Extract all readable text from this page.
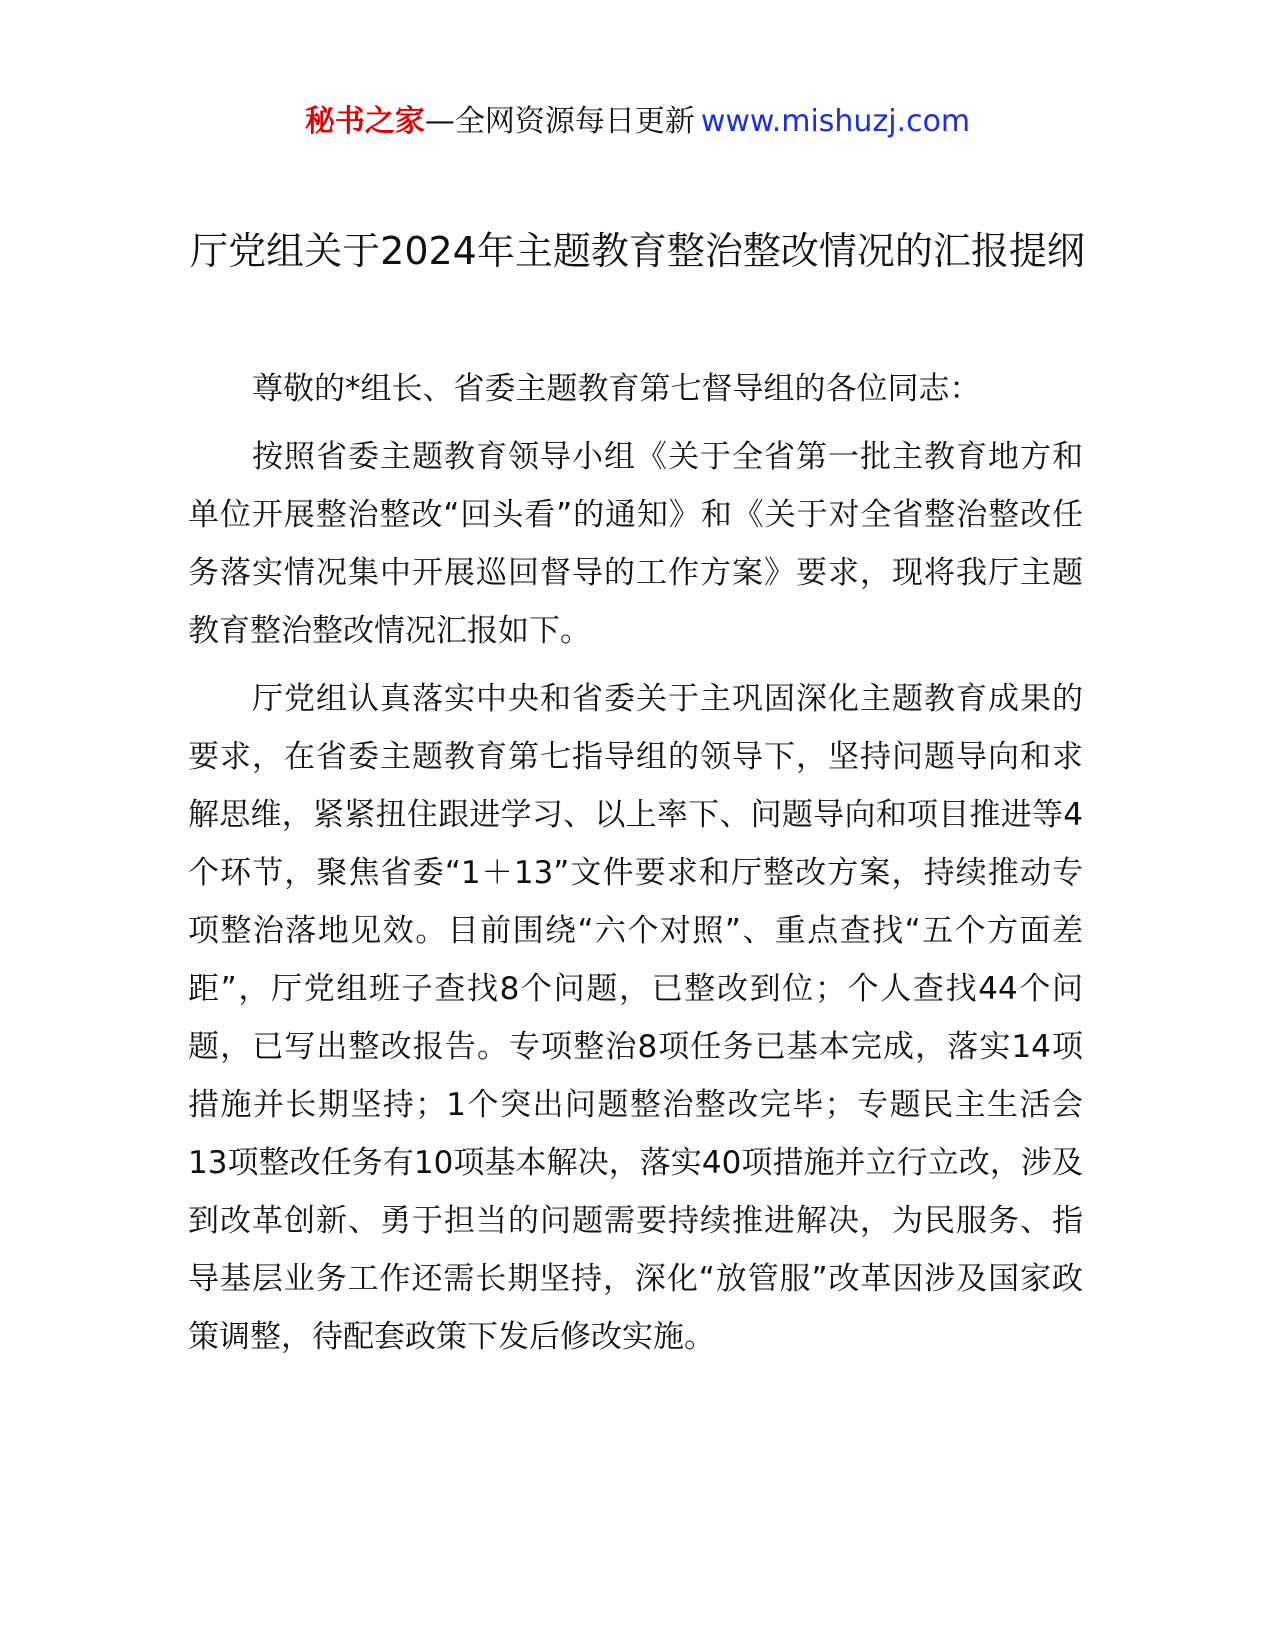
秘书之家—全网资源每日更新 www.mishuzj.com
厅党组关于2024年主题教育整治整改情况的汇报提纲

尊敬的*组长、省委主题教育第七督导组的各位同志：

按照省委主题教育领导小组《关于全省第一批主教育地方和单位开展整治整改“回头看”的通知》和《关于对全省整治整改任务落实情况集中开展巡回督导的工作方案》要求，现将我厅主题教育整治整改情况汇报如下。

厅党组认真落实中央和省委关于主巩固深化主题教育成果的要求，在省委主题教育第七指导组的领导下，坚持问题导向和求解思维，紧紧扭住跟进学习、以上率下、问题导向和项目推进等4个环节，聚焦省委“1＋13”文件要求和厅整改方案，持续推动专项整治落地见效。目前围绕“六个对照”、重点查找“五个方面差距”，厅党组班子查找8个问题，已整改到位；个人查找44个问题，已写出整改报告。专项整治8项任务已基本完成，落实14项措施并长期坚持；1个突出问题整治整改完毕；专题民主生活会13项整改任务有10项基本解决，落实40项措施并立行立改，涉及到改革创新、勇于担当的问题需要持续推进解决，为民服务、指导基层业务工作还需长期坚持，深化“放管服”改革因涉及国家政策调整，待配套政策下发后修改实施。
